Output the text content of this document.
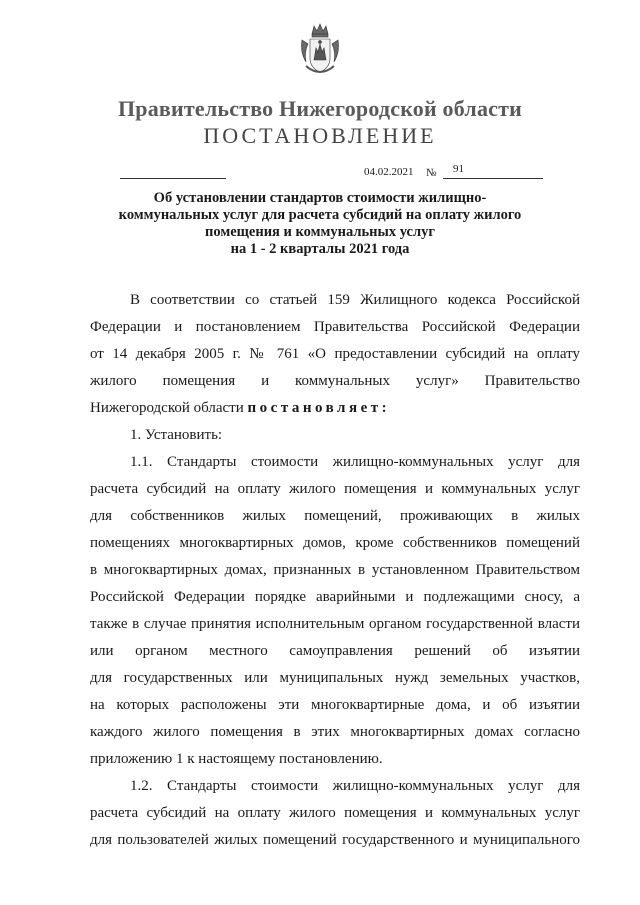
Правительство Нижегородской области
ПОСТАНОВЛЕНИЕ
04.02.2021 № 91
Об установлении стандартов стоимости жилищно-
коммунальных услуг для расчета субсидий на оплату жилого
помещения и коммунальных услуг
на 1 - 2 кварталы 2021 года
В соответствии со статьей 159 Жилищного кодекса Российской
Федерации и постановлением Правительства Российской Федерации
от 14 декабря 2005 г. № 761 «О предоставлении субсидий на оплату
жилого помещения и коммунальных услуг» Правительство
Нижегородской области постановляет:
1. Установить:
1.1. Стандарты стоимости жилищно-коммунальных услуг для
расчета субсидий на оплату жилого помещения и коммунальных услуг
для собственников жилых помещений, проживающих в жилых
помещениях многоквартирных домов, кроме собственников помещений
в многоквартирных домах, признанных в установленном Правительством
Российской Федерации порядке аварийными и подлежащими сносу, а
также в случае принятия исполнительным органом государственной власти
или органом местного самоуправления решений об изъятии
для государственных или муниципальных нужд земельных участков,
на которых расположены эти многоквартирные дома, и об изъятии
каждого жилого помещения в этих многоквартирных домах согласно
приложению 1 к настоящему постановлению.
1.2. Стандарты стоимости жилищно-коммунальных услуг для
расчета субсидий на оплату жилого помещения и коммунальных услуг
для пользователей жилых помещений государственного и муниципального
